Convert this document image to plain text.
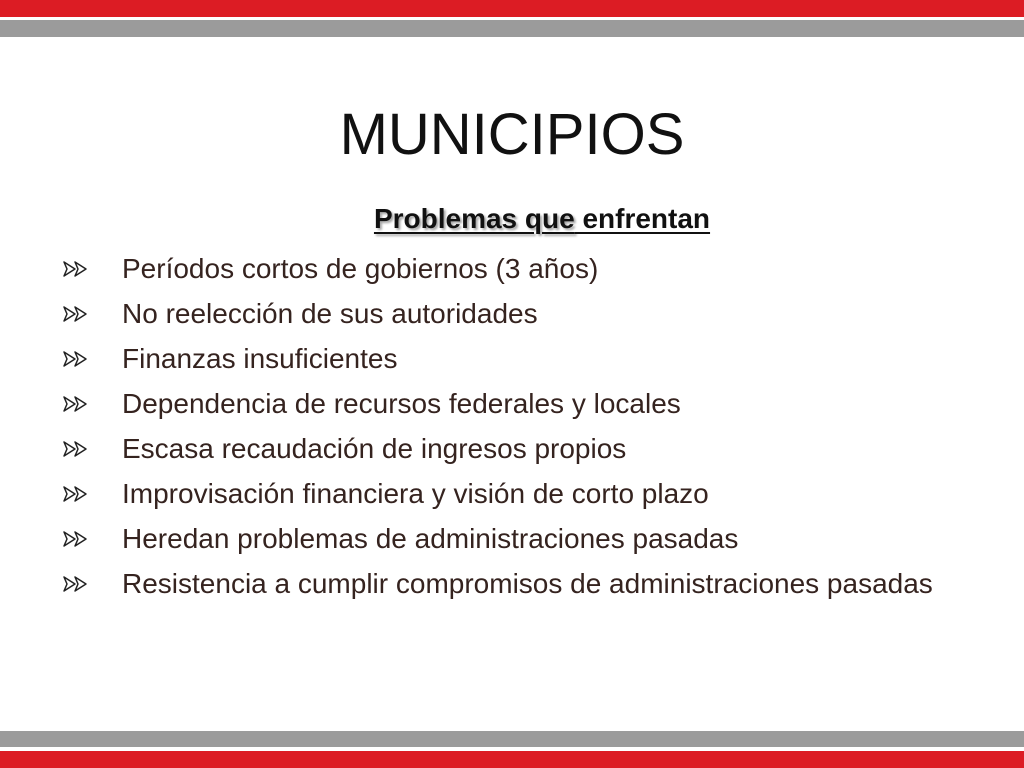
MUNICIPIOS
Problemas que enfrentan
Períodos cortos de gobiernos (3 años)
No reelección de sus autoridades
Finanzas insuficientes
Dependencia de recursos federales y locales
Escasa recaudación de ingresos propios
Improvisación financiera y visión de corto plazo
Heredan problemas de administraciones pasadas
Resistencia a cumplir compromisos de administraciones pasadas
